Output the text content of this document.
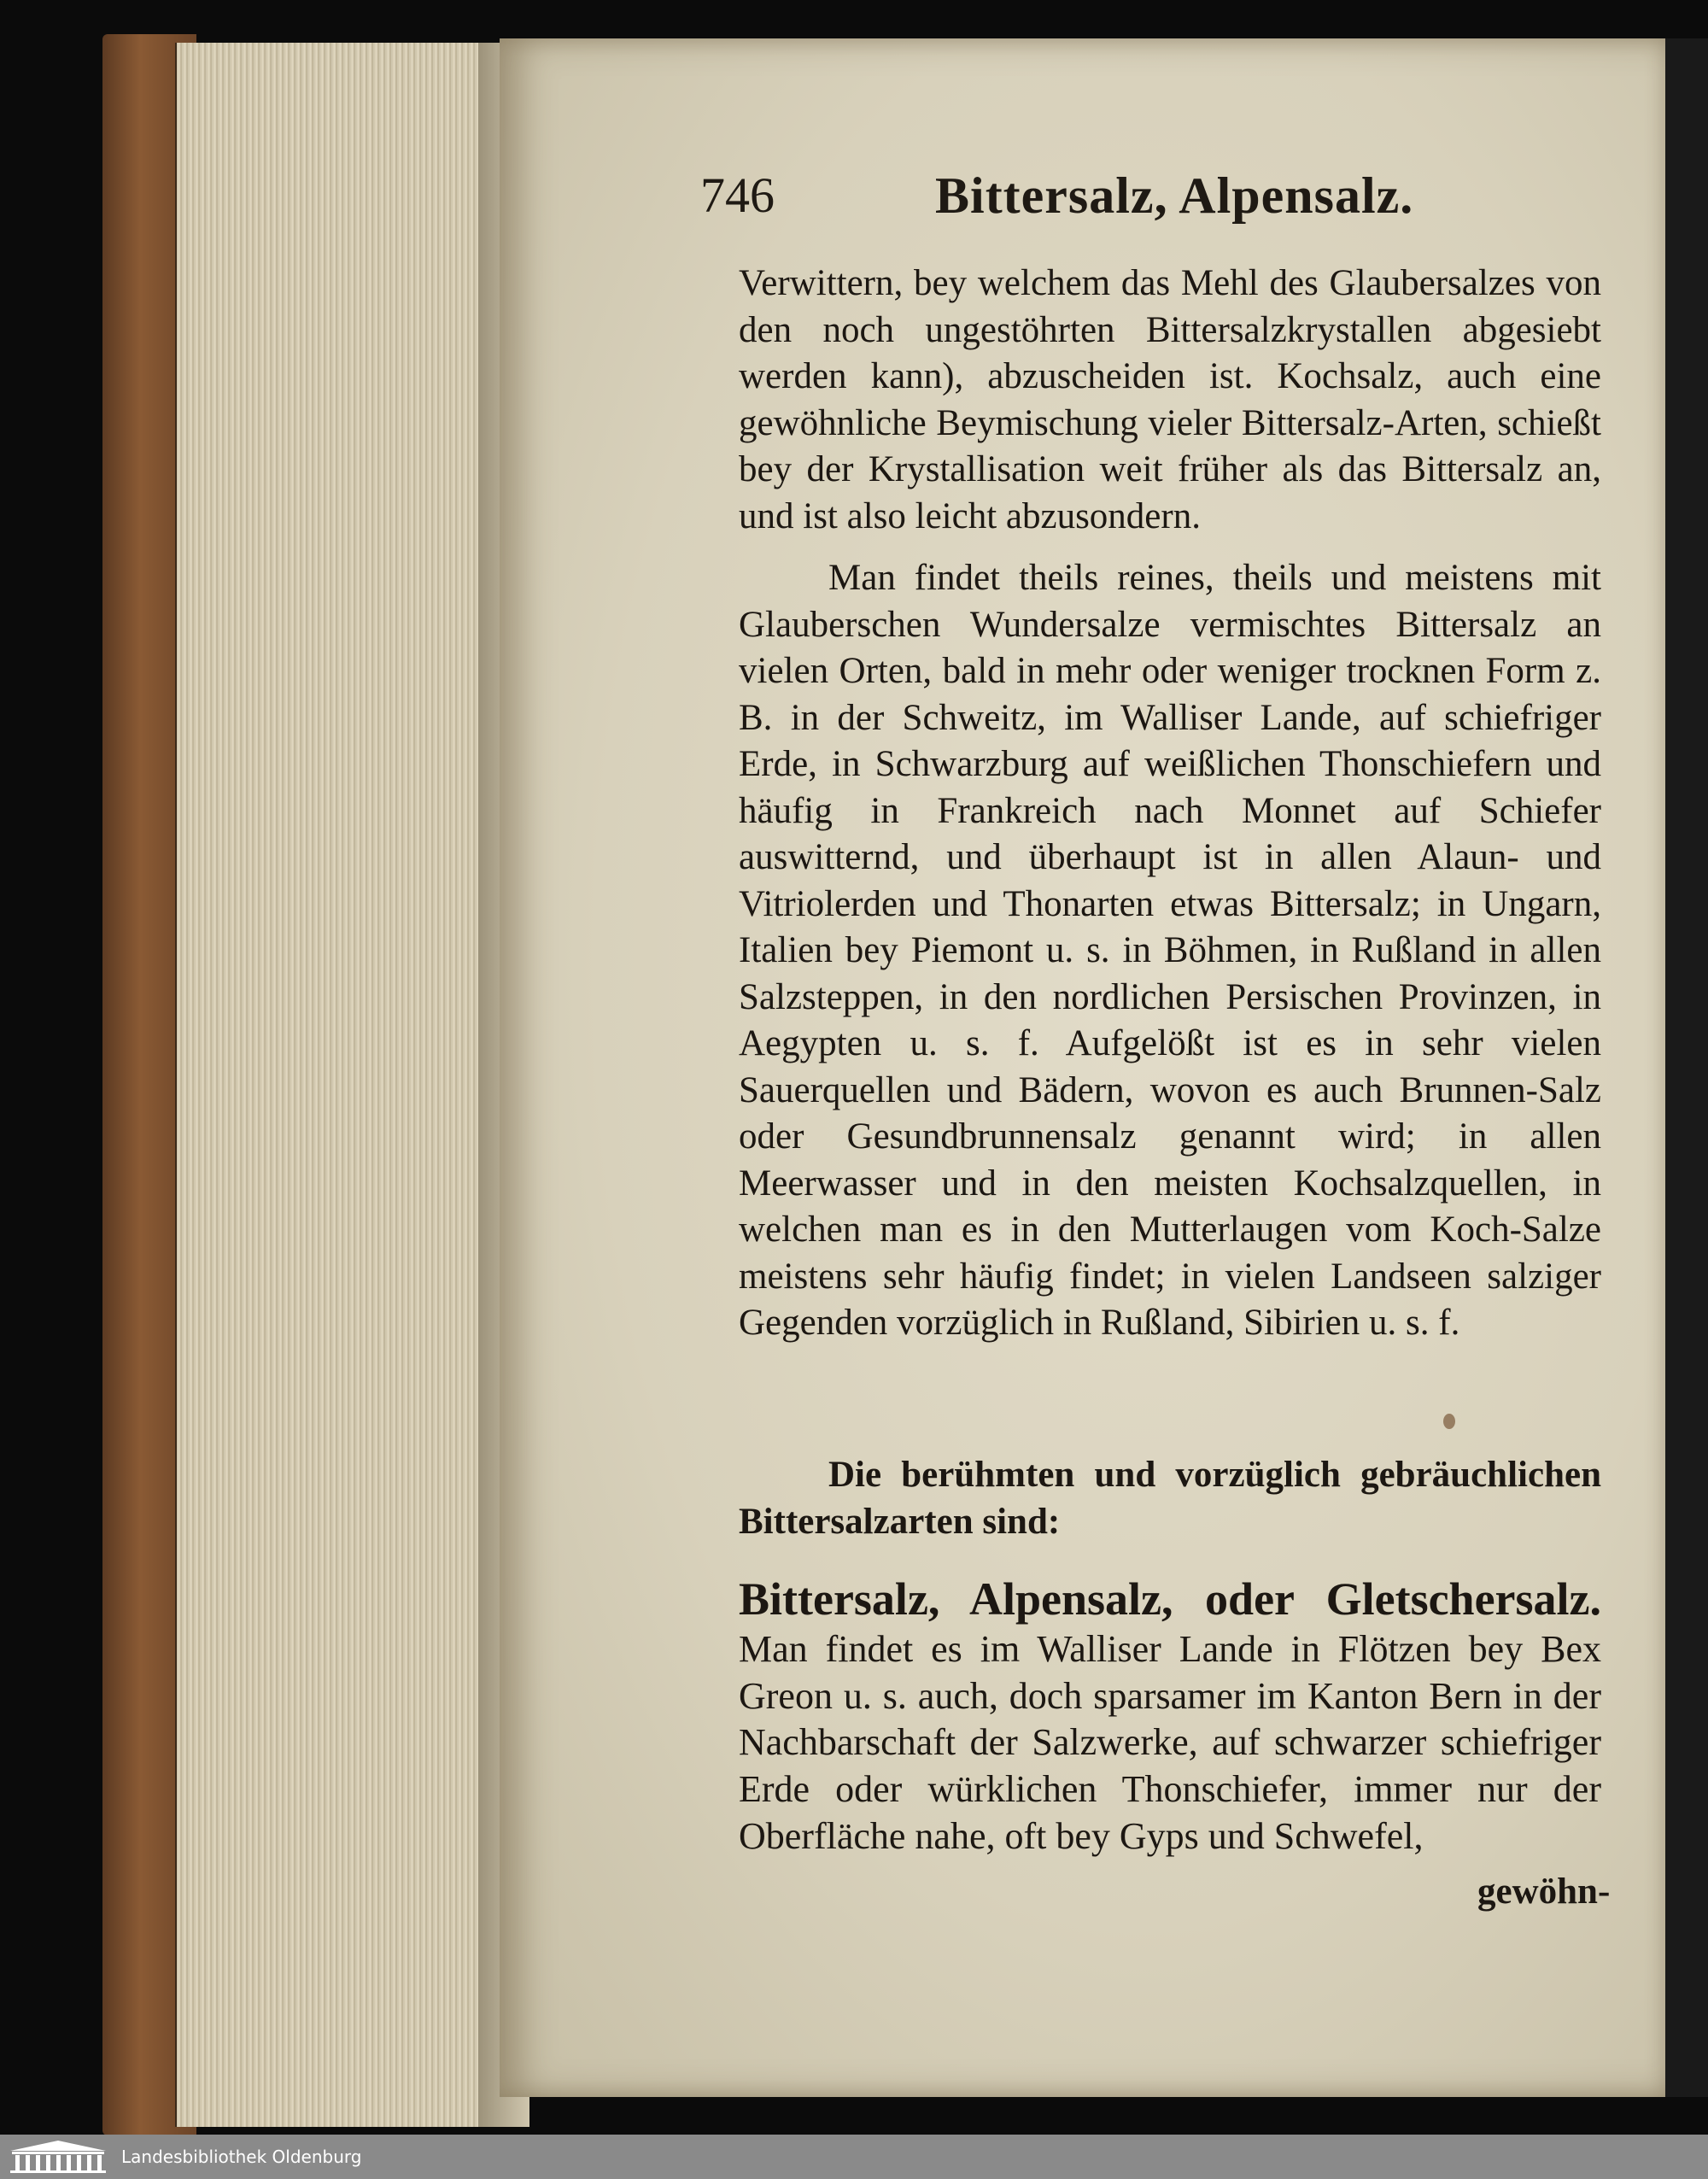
746	Bittersalz, Alpensalz.
Verwittern, bey welchem das Mehl des Glaubersalzes von den noch ungestöhrten Bittersalzkrystallen abgesiebt werden kann), abzuscheiden ist. Kochsalz, auch eine gewöhnliche Beymischung vieler Bittersalz-Arten, schießt bey der Krystallisation weit früher als das Bittersalz an, und ist also leicht abzusondern.
Man findet theils reines, theils und meistens mit Glauberschen Wundersalze vermischtes Bittersalz an vielen Orten, bald in mehr oder weniger trocknen Form z. B. in der Schweitz, im Walliser Lande, auf schiefriger Erde, in Schwarzburg auf weißlichen Thonschiefern und häufig in Frankreich nach Monnet auf Schiefer auswitternd, und überhaupt ist in allen Alaun- und Vitriolerden und Thonarten etwas Bittersalz; in Ungarn, Italien bey Piemont u. s. in Böhmen, in Rußland in allen Salzsteppen, in den nordlichen Persischen Provinzen, in Aegypten u. s. f. Aufgelößt ist es in sehr vielen Sauerquellen und Bädern, wovon es auch Brunnen-Salz oder Gesundbrunnensalz genannt wird; in allen Meerwasser und in den meisten Kochsalzquellen, in welchen man es in den Mutterlaugen vom Koch-Salze meistens sehr häufig findet; in vielen Landseen salziger Gegenden vorzüglich in Rußland, Sibirien u. s. f.
Die berühmten und vorzüglich gebräuchlichen Bittersalzarten sind:
Bittersalz, Alpensalz, oder Gletschersalz. Man findet es im Walliser Lande in Flötzen bey Bex Greon u. s. auch, doch sparsamer im Kanton Bern in der Nachbarschaft der Salzwerke, auf schwarzer schiefriger Erde oder würklichen Thonschiefer, immer nur der Oberfläche nahe, oft bey Gyps und Schwefel,
gewöhn-
Landesbibliothek Oldenburg
